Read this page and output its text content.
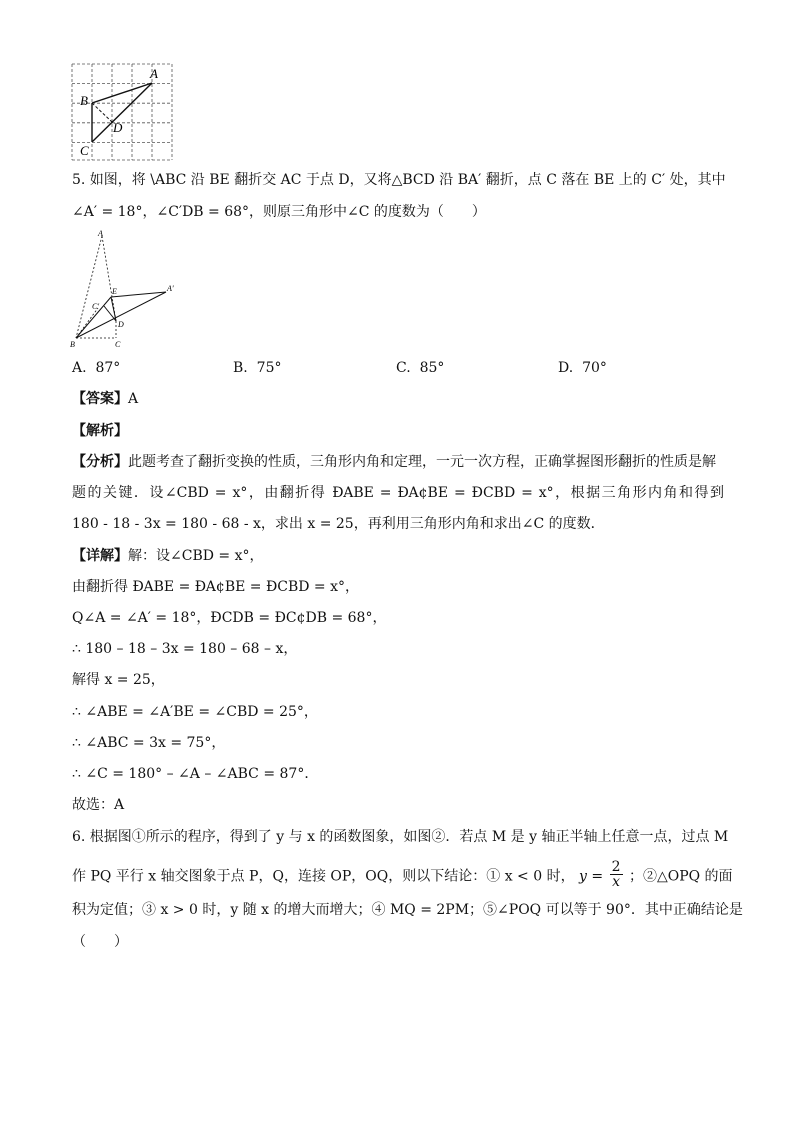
A
B
D
C
5. 如图，将 \ABC 沿 BE 翻折交 AC 于点 D，又将△BCD 沿 BA′ 翻折，点 C 落在 BE 上的 C′ 处，其中
∠A′ = 18°，∠C′DB = 68°，则原三角形中∠C 的度数为（　　）
A
E	A′
C′
D
B	C
A. 87°	B. 75°	C. 85°	D. 70°
【答案】A
【解析】
【分析】此题考查了翻折变换的性质，三角形内角和定理，一元一次方程，正确掌握图形翻折的性质是解
题的关键．设∠CBD = x°，由翻折得 ÐABE = ÐA¢BE = ÐCBD = x°，根据三角形内角和得到
180 - 18 - 3x = 180 - 68 - x，求出 x = 25，再利用三角形内角和求出∠C 的度数．
【详解】解：设∠CBD = x°，
由翻折得 ÐABE = ÐA¢BE = ÐCBD = x°，
Q∠A = ∠A′ = 18°，ÐCDB = ÐC¢DB = 68°，
∴ 180 – 18 – 3x = 180 – 68 – x，
解得 x = 25，
∴ ∠ABE = ∠A′BE = ∠CBD = 25°，
∴ ∠ABC = 3x = 75°，
∴ ∠C = 180° – ∠A – ∠ABC = 87°．
故选：A
6. 根据图①所示的程序，得到了 y 与 x 的函数图象，如图②．若点 M 是 y 轴正半轴上任意一点，过点 M
作 PQ 平行 x 轴交图象于点 P，Q，连接 OP，OQ，则以下结论：① x < 0 时， $y = \frac{2}{x}$ ；②△OPQ 的面
积为定值；③ x > 0 时，y 随 x 的增大而增大；④ MQ = 2PM；⑤∠POQ 可以等于 90°．其中正确结论是
（　　）
